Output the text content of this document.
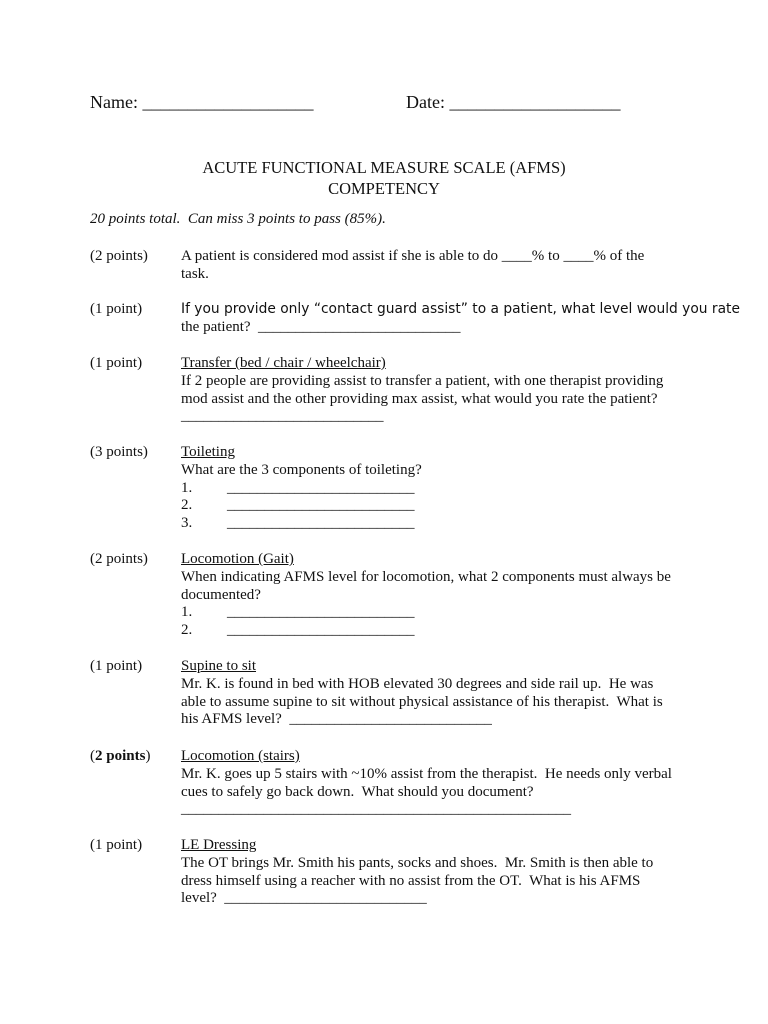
Name: ___________________	Date: ___________________
ACUTE FUNCTIONAL MEASURE SCALE (AFMS)
COMPETENCY
20 points total.  Can miss 3 points to pass (85%).
(2 points) A patient is considered mod assist if she is able to do ____% to ____% of the
task.
(1 point)	If you provide only “contact guard assist” to a patient, what level would you rate
the patient?  ___________________________
(1 point)	Transfer (bed / chair / wheelchair)
If 2 people are providing assist to transfer a patient, with one therapist providing
mod assist and the other providing max assist, what would you rate the patient?
___________________________
(3 points) Toileting
What are the 3 components of toileting?
1. _________________________
2. _________________________
3. _________________________
(2 points) Locomotion (Gait)
When indicating AFMS level for locomotion, what 2 components must always be
documented?
1. _________________________
2. _________________________
(1 point)	Supine to sit
Mr. K. is found in bed with HOB elevated 30 degrees and side rail up.  He was
able to assume supine to sit without physical assistance of his therapist.  What is
his AFMS level?  ___________________________
(2 points) Locomotion (stairs)
Mr. K. goes up 5 stairs with ~10% assist from the therapist.  He needs only verbal
cues to safely go back down.  What should you document?
____________________________________________________
(1 point)	LE Dressing
The OT brings Mr. Smith his pants, socks and shoes.  Mr. Smith is then able to
dress himself using a reacher with no assist from the OT.  What is his AFMS
level?  ___________________________
